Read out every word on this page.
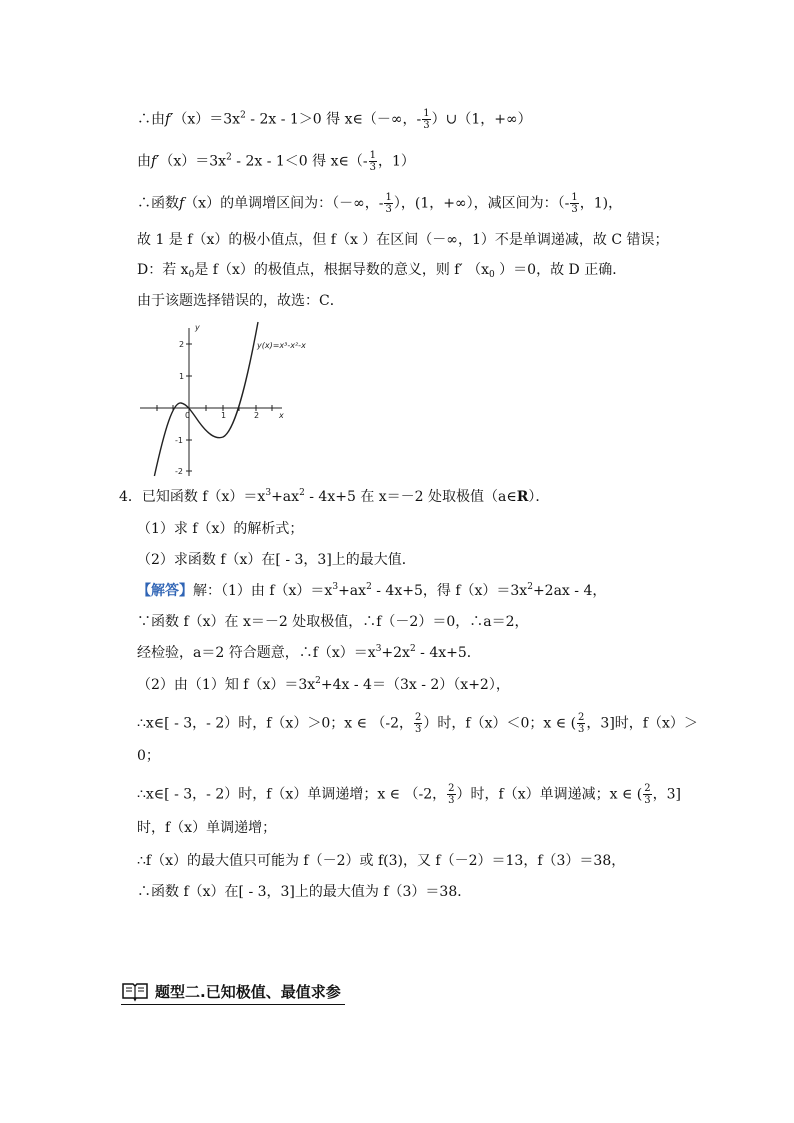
∴由$f'(x)=3x^2 - 2x - 1>0$ 得 x∈（－∞，- $\frac{1}{3}$ ）∪（1，+∞）
由$f'(x)=3x^2 - 2x - 1<0$ 得 x∈（- $\frac{1}{3}$ ，1）
∴函数f（x）的单调增区间为：（－∞，- $\frac{1}{3}$ ），(1，+∞），减区间为：（- $\frac{1}{3}$ ，1)，
故 1 是 f（x）的极小值点，但 f（x ）在区间（－∞，1）不是单调递减，故 C 错误；
D：若 $x_0$是 f（x）的极值点，根据导数的意义，则 f′ （$x_0$ ）＝0，故 D 正确．
由于该题选择错误的，故选：C．
x
y
0	1	2
2
1
-1
-2
y(x)=x³-x²-x
4．已知函数 $f(x)=x^3+ax^2 - 4x+5$ 在 x＝－2 处取极值（a∈R）．
（1）求 f（x）的解析式；
（2）求函数 f（x）在[ - 3，3]上的最大值．
【解答】解：（1）由 $f(x)=x^3+ax^2 - 4x+5$，得 $f(x)=3x^2+2ax - 4$，
∵函数 f（x）在 x＝－2 处取极值，∴f（－2）＝0，∴a＝2，
经检验，a＝2 符合题意，$\therefore f(x)=x^3+2x^2 - 4x+5$．
（2）由（1）知 $f(x)=3x^2+4x - 4=(3x - 2)(x+2)$，
∴x∈[ - 3，- 2）时，f（x）＞0；x ∈ （-2， $\frac{2}{3}$ ）时，f（x）＜0；x ∈ ( $\frac{2}{3}$ ，3]时，f（x）＞
0；
∴x∈[ - 3，- 2）时，f（x）单调递增；x ∈ （-2， $\frac{2}{3}$ ）时，f（x）单调递减；x ∈ ( $\frac{2}{3}$ ，3]
时，f（x）单调递增；
∴f（x）的最大值只可能为 f（－2）或 f(3)，又 f（－2）＝13，f（3）＝38，
∴函数 f（x）在[ - 3，3]上的最大值为 f（3）＝38．
题型二.已知极值、最值求参
